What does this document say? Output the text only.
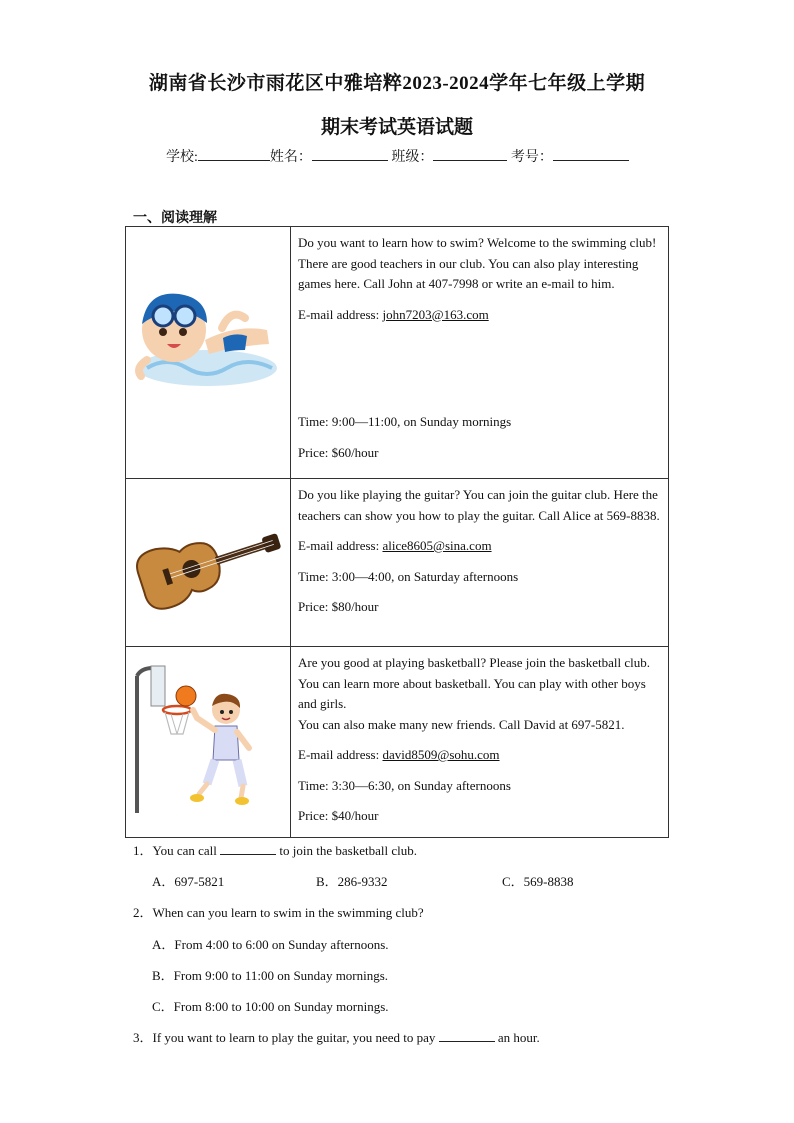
湖南省长沙市雨花区中雅培粹2023-2024学年七年级上学期
期末考试英语试题
学校:	姓名：	班级：	考号：
一、阅读理解

Do you want to learn how to swim? Welcome to the swimming club! There are good teachers in our club. You can also play interesting games here. Call John at 407-7998 or write an e-mail to him.

E-mail address: john7203@163.com

Time: 9:00—11:00, on Sunday mornings

Price: $60/hour

Do you like playing the guitar? You can join the guitar club. Here the teachers can show you how to play the guitar. Call Alice at 569-8838.

E-mail address: alice8605@sina.com

Time: 3:00—4:00, on Saturday afternoons

Price: $80/hour

Are you good at playing basketball? Please join the basketball club. You can learn more about basketball. You can play with other boys and girls.

You can also make many new friends. Call David at 697-5821.

E-mail address: david8509@sohu.com

Time: 3:30—6:30, on Sunday afternoons

Price: $40/hour

1．You can call	to join the basketball club.
A．697-5821	B．286-9332	C．569-8838
2．When can you learn to swim in the swimming club?
A．From 4:00 to 6:00 on Sunday afternoons.
B．From 9:00 to 11:00 on Sunday mornings.
C．From 8:00 to 10:00 on Sunday mornings.
3．If you want to learn to play the guitar, you need to pay	an hour.
